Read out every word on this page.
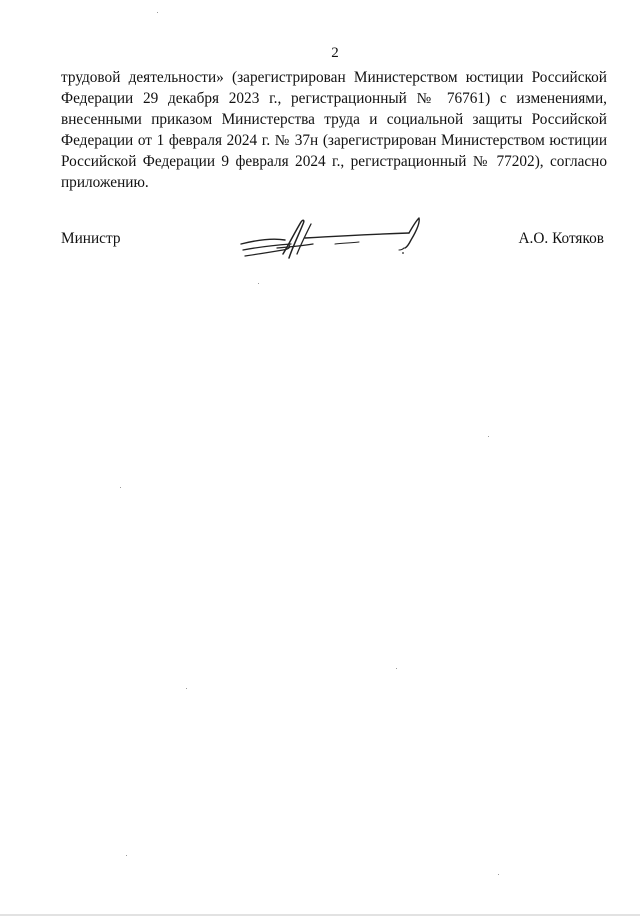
2
трудовой деятельности» (зарегистрирован Министерством юстиции Российской
Федерации 29 декабря 2023 г., регистрационный № 76761) с изменениями,
внесенными приказом Министерства труда и социальной защиты Российской
Федерации от 1 февраля 2024 г. № 37н (зарегистрирован Министерством юстиции
Российской Федерации 9 февраля 2024 г., регистрационный № 77202), согласно
приложению.
Министр	А.О. Котяков
